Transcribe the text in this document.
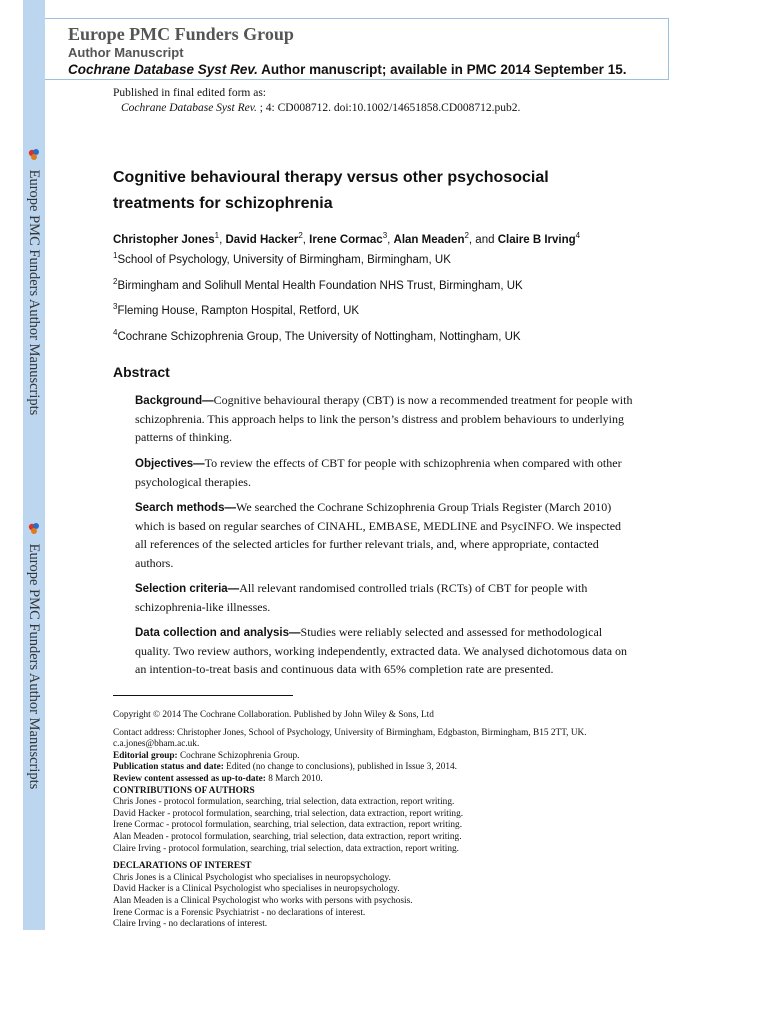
Europe PMC Funders Author Manuscripts
Europe PMC Funders Author Manuscripts
Europe PMC Funders Group
Author Manuscript
Cochrane Database Syst Rev. Author manuscript; available in PMC 2014 September 15.
Published in final edited form as:
Cochrane Database Syst Rev. ; 4: CD008712. doi:10.1002/14651858.CD008712.pub2.
Cognitive behavioural therapy versus other psychosocial treatments for schizophrenia
Christopher Jones$^1$, David Hacker$^2$, Irene Cormac$^3$, Alan Meaden$^2$, and Claire B Irving$^4$
$^1$School of Psychology, University of Birmingham, Birmingham, UK
$^2$Birmingham and Solihull Mental Health Foundation NHS Trust, Birmingham, UK
$^3$Fleming House, Rampton Hospital, Retford, UK
$^4$Cochrane Schizophrenia Group, The University of Nottingham, Nottingham, UK
Abstract
Background—Cognitive behavioural therapy (CBT) is now a recommended treatment for people with schizophrenia. This approach helps to link the person’s distress and problem behaviours to underlying patterns of thinking.
Objectives—To review the effects of CBT for people with schizophrenia when compared with other psychological therapies.
Search methods—We searched the Cochrane Schizophrenia Group Trials Register (March 2010) which is based on regular searches of CINAHL, EMBASE, MEDLINE and PsycINFO. We inspected all references of the selected articles for further relevant trials, and, where appropriate, contacted authors.
Selection criteria—All relevant randomised controlled trials (RCTs) of CBT for people with schizophrenia-like illnesses.
Data collection and analysis—Studies were reliably selected and assessed for methodological quality. Two review authors, working independently, extracted data. We analysed dichotomous data on an intention-to-treat basis and continuous data with 65% completion rate are presented.
Copyright © 2014 The Cochrane Collaboration. Published by John Wiley & Sons, Ltd
Contact address: Christopher Jones, School of Psychology, University of Birmingham, Edgbaston, Birmingham, B15 2TT, UK. c.a.jones@bham.ac.uk.
Editorial group: Cochrane Schizophrenia Group.
Publication status and date: Edited (no change to conclusions), published in Issue 3, 2014.
Review content assessed as up-to-date: 8 March 2010.
CONTRIBUTIONS OF AUTHORS
Chris Jones - protocol formulation, searching, trial selection, data extraction, report writing.
David Hacker - protocol formulation, searching, trial selection, data extraction, report writing.
Irene Cormac - protocol formulation, searching, trial selection, data extraction, report writing.
Alan Meaden - protocol formulation, searching, trial selection, data extraction, report writing.
Claire Irving - protocol formulation, searching, trial selection, data extraction, report writing.
DECLARATIONS OF INTEREST
Chris Jones is a Clinical Psychologist who specialises in neuropsychology.
David Hacker is a Clinical Psychologist who specialises in neuropsychology.
Alan Meaden is a Clinical Psychologist who works with persons with psychosis.
Irene Cormac is a Forensic Psychiatrist - no declarations of interest.
Claire Irving - no declarations of interest.
